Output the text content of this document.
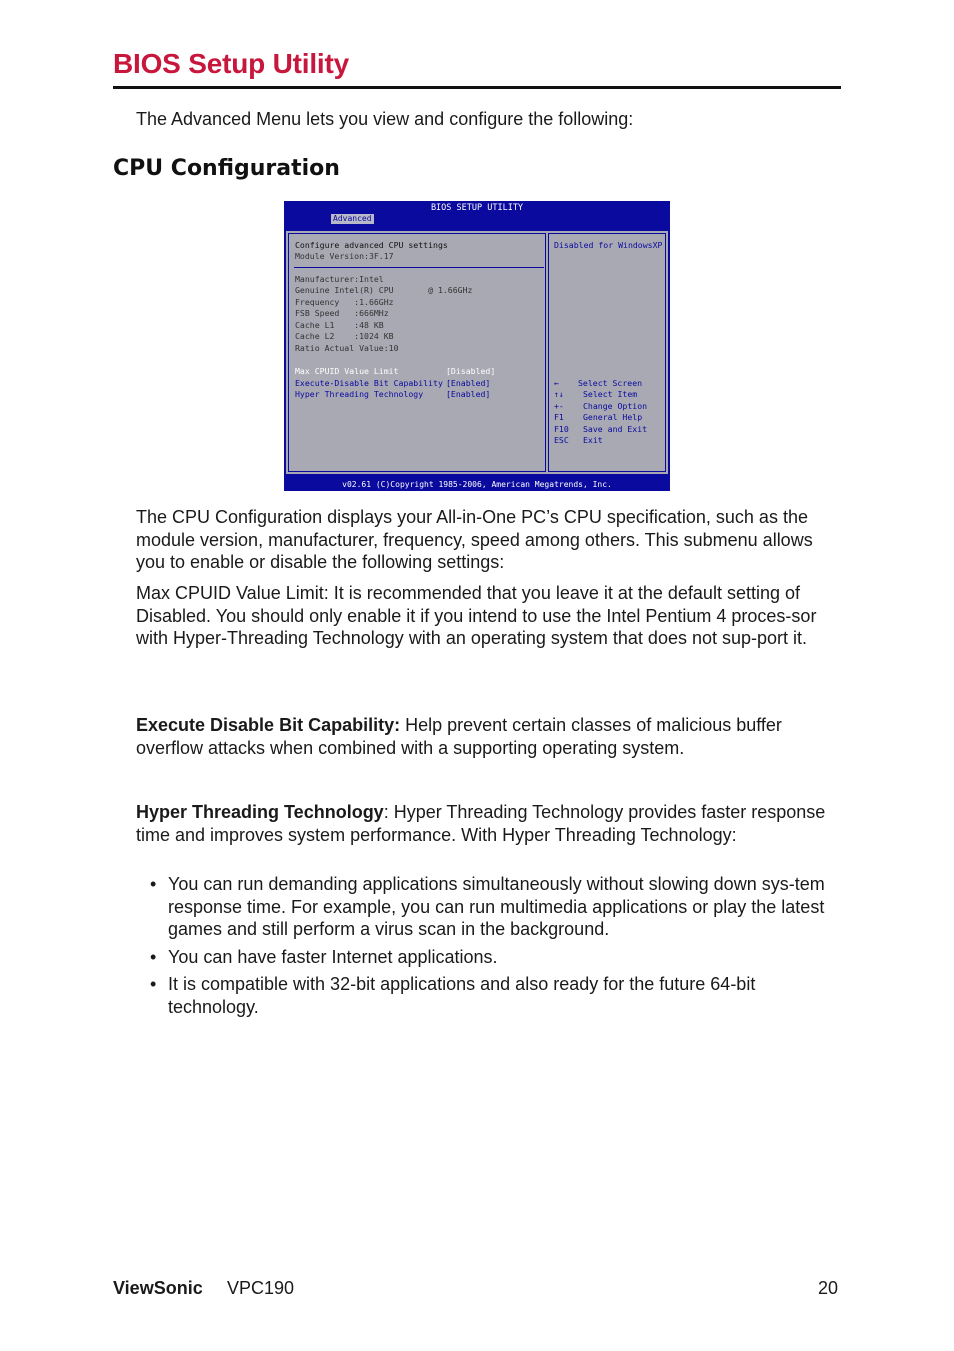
BIOS Setup Utility

The Advanced Menu lets you view and configure the following:

CPU Configuration
BIOS SETUP UTILITY
Advanced
Configure advanced CPU settings
Module Version:3F.17
Manufacturer:Intel
Genuine Intel(R) CPU       @ 1.66GHz
Frequency   :1.66GHz
FSB Speed   :666MHz
Cache L1    :48 KB
Cache L2    :1024 KB
Ratio Actual Value:10
Max CPUID Value Limit	[Disabled]
Execute-Disable Bit Capability [Enabled]
Hyper Threading Technology	[Enabled]
Disabled for WindowsXP
← Select Screen
↑↓ Select Item
+- Change Option
F1 General Help
F10 Save and Exit
ESC Exit
v02.61 (C)Copyright 1985-2006, American Megatrends, Inc.

The CPU Configuration displays your All-in-One PC’s CPU specification, such as the module version, manufacturer, frequency, speed among others. This submenu allows you to enable or disable the following settings:

Max CPUID Value Limit: It is recommended that you leave it at the default setting of Disabled. You should only enable it if you intend to use the Intel Pentium 4 proces-sor with Hyper-Threading Technology with an operating system that does not sup-port it.

Execute Disable Bit Capability: Help prevent certain classes of malicious buffer overflow attacks when combined with a supporting operating system.

Hyper Threading Technology: Hyper Threading Technology provides faster response time and improves system performance. With Hyper Threading Technology:

• You can run demanding applications simultaneously without slowing down sys-tem response time. For example, you can run multimedia applications or play the latest games and still perform a virus scan in the background.
• You can have faster Internet applications.
• It is compatible with 32-bit applications and also ready for the future 64-bit technology.
ViewSonic VPC190	20
